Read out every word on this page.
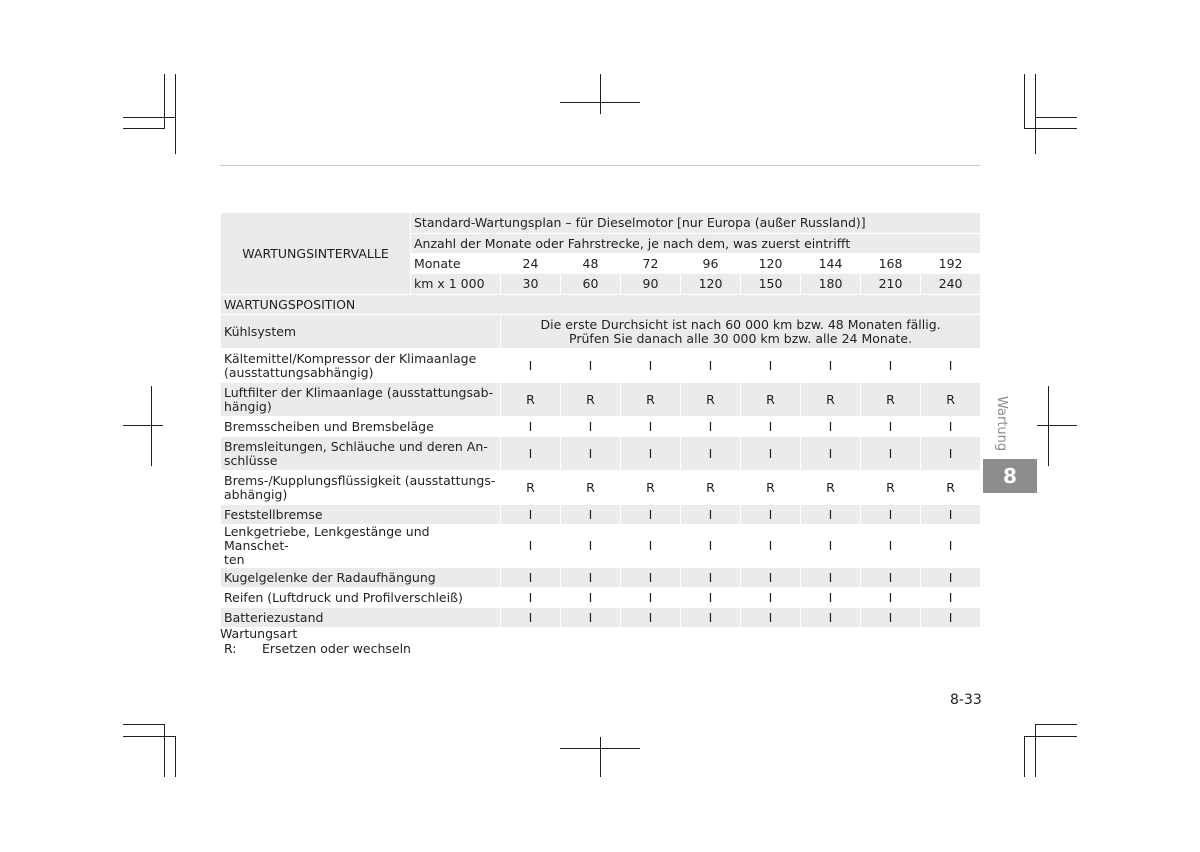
WARTUNGSINTERVALLE	Standard-Wartungsplan – für Dieselmotor [nur Europa (außer Russland)]								
	Anzahl der Monate oder Fahrstrecke, je nach dem, was zuerst eintrifft								
	Monate	24	48	72	96	120	144	168	192
	km x 1 000	30	60	90	120	150	180	210	240
WARTUNGSPOSITION									
Kühlsystem		Die erste Durchsicht ist nach 60 000 km bzw. 48 Monaten fällig.
Prüfen Sie danach alle 30 000 km bzw. alle 24 Monate.							

Kältemittel/Kompressor der Klimaanlage
(ausstattungsabhängig)		I	I	I	I	I	I	I	I

Luftfilter der Klimaanlage (ausstattungsab-
hängig)		R	R	R	R	R	R	R	R

Bremsscheiben und Bremsbeläge		I	I	I	I	I	I	I	I

Bremsleitungen, Schläuche und deren An-
schlüsse		I	I	I	I	I	I	I	I

Brems-/Kupplungsflüssigkeit (ausstattungs-
abhängig)		R	R	R	R	R	R	R	R

Feststellbremse		I	I	I	I	I	I	I	I

Lenkgetriebe, Lenkgestänge und Manschet-
ten		I	I	I	I	I	I	I	I

Kugelgelenke der Radaufhängung		I	I	I	I	I	I	I	I

Reifen (Luftdruck und Profilverschleiß)		I	I	I	I	I	I	I	I

Batteriezustand		I	I	I	I	I	I	I	I
Wartungsart
R:	Ersetzen oder wechseln
8-33
Wartung
8
